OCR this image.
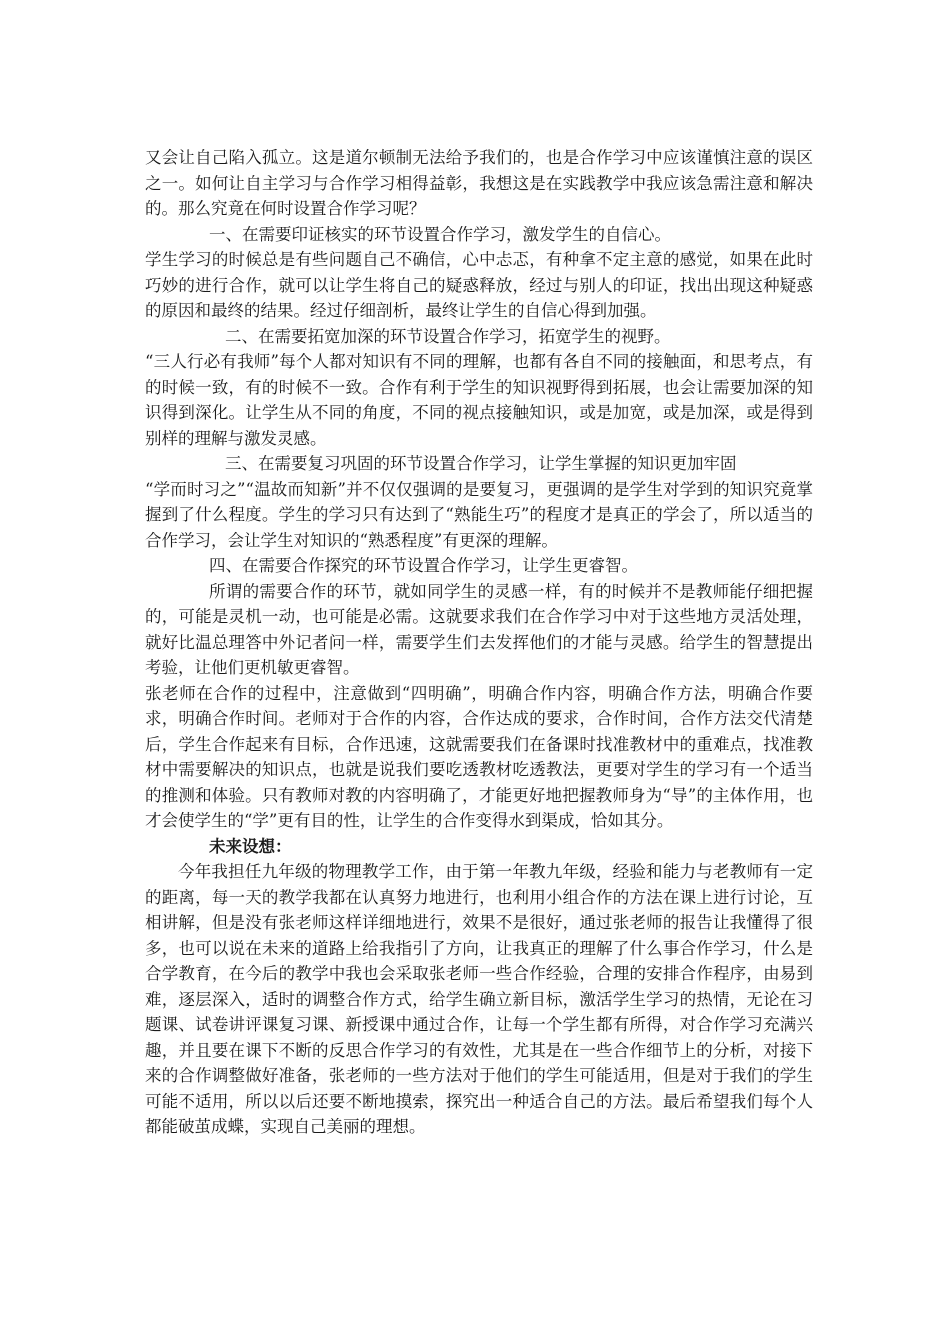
又会让自己陷入孤立。这是道尔顿制无法给予我们的，也是合作学习中应该谨慎注意的误区之一。如何让自主学习与合作学习相得益彰，我想这是在实践教学中我应该急需注意和解决的。那么究竟在何时设置合作学习呢？

一、在需要印证核实的环节设置合作学习，激发学生的自信心。

学生学习的时候总是有些问题自己不确信，心中忐忑，有种拿不定主意的感觉，如果在此时巧妙的进行合作，就可以让学生将自己的疑惑释放，经过与别人的印证，找出出现这种疑惑的原因和最终的结果。经过仔细剖析，最终让学生的自信心得到加强。

二、在需要拓宽加深的环节设置合作学习，拓宽学生的视野。

“三人行必有我师”每个人都对知识有不同的理解，也都有各自不同的接触面，和思考点，有的时候一致，有的时候不一致。合作有利于学生的知识视野得到拓展，也会让需要加深的知识得到深化。让学生从不同的角度，不同的视点接触知识，或是加宽，或是加深，或是得到别样的理解与激发灵感。

三、在需要复习巩固的环节设置合作学习，让学生掌握的知识更加牢固

“学而时习之”“温故而知新”并不仅仅强调的是要复习，更强调的是学生对学到的知识究竟掌握到了什么程度。学生的学习只有达到了“熟能生巧”的程度才是真正的学会了，所以适当的合作学习，会让学生对知识的“熟悉程度”有更深的理解。

四、在需要合作探究的环节设置合作学习，让学生更睿智。

所谓的需要合作的环节，就如同学生的灵感一样，有的时候并不是教师能仔细把握的，可能是灵机一动，也可能是必需。这就要求我们在合作学习中对于这些地方灵活处理，就好比温总理答中外记者问一样，需要学生们去发挥他们的才能与灵感。给学生的智慧提出考验，让他们更机敏更睿智。

张老师在合作的过程中，注意做到“四明确”，明确合作内容，明确合作方法，明确合作要求，明确合作时间。老师对于合作的内容，合作达成的要求，合作时间，合作方法交代清楚后，学生合作起来有目标，合作迅速，这就需要我们在备课时找准教材中的重难点，找准教材中需要解决的知识点，也就是说我们要吃透教材吃透教法，更要对学生的学习有一个适当的推测和体验。只有教师对教的内容明确了，才能更好地把握教师身为“导”的主体作用，也才会使学生的“学”更有目的性，让学生的合作变得水到渠成，恰如其分。

未来设想：

今年我担任九年级的物理教学工作，由于第一年教九年级，经验和能力与老教师有一定的距离，每一天的教学我都在认真努力地进行，也利用小组合作的方法在课上进行讨论，互相讲解，但是没有张老师这样详细地进行，效果不是很好，通过张老师的报告让我懂得了很多，也可以说在未来的道路上给我指引了方向，让我真正的理解了什么事合作学习，什么是合学教育，在今后的教学中我也会采取张老师一些合作经验，合理的安排合作程序，由易到难，逐层深入，适时的调整合作方式，给学生确立新目标，激活学生学习的热情，无论在习题课、试卷讲评课复习课、新授课中通过合作，让每一个学生都有所得，对合作学习充满兴趣，并且要在课下不断的反思合作学习的有效性，尤其是在一些合作细节上的分析，对接下来的合作调整做好准备，张老师的一些方法对于他们的学生可能适用，但是对于我们的学生可能不适用，所以以后还要不断地摸索，探究出一种适合自己的方法。最后希望我们每个人都能破茧成蝶，实现自己美丽的理想。
